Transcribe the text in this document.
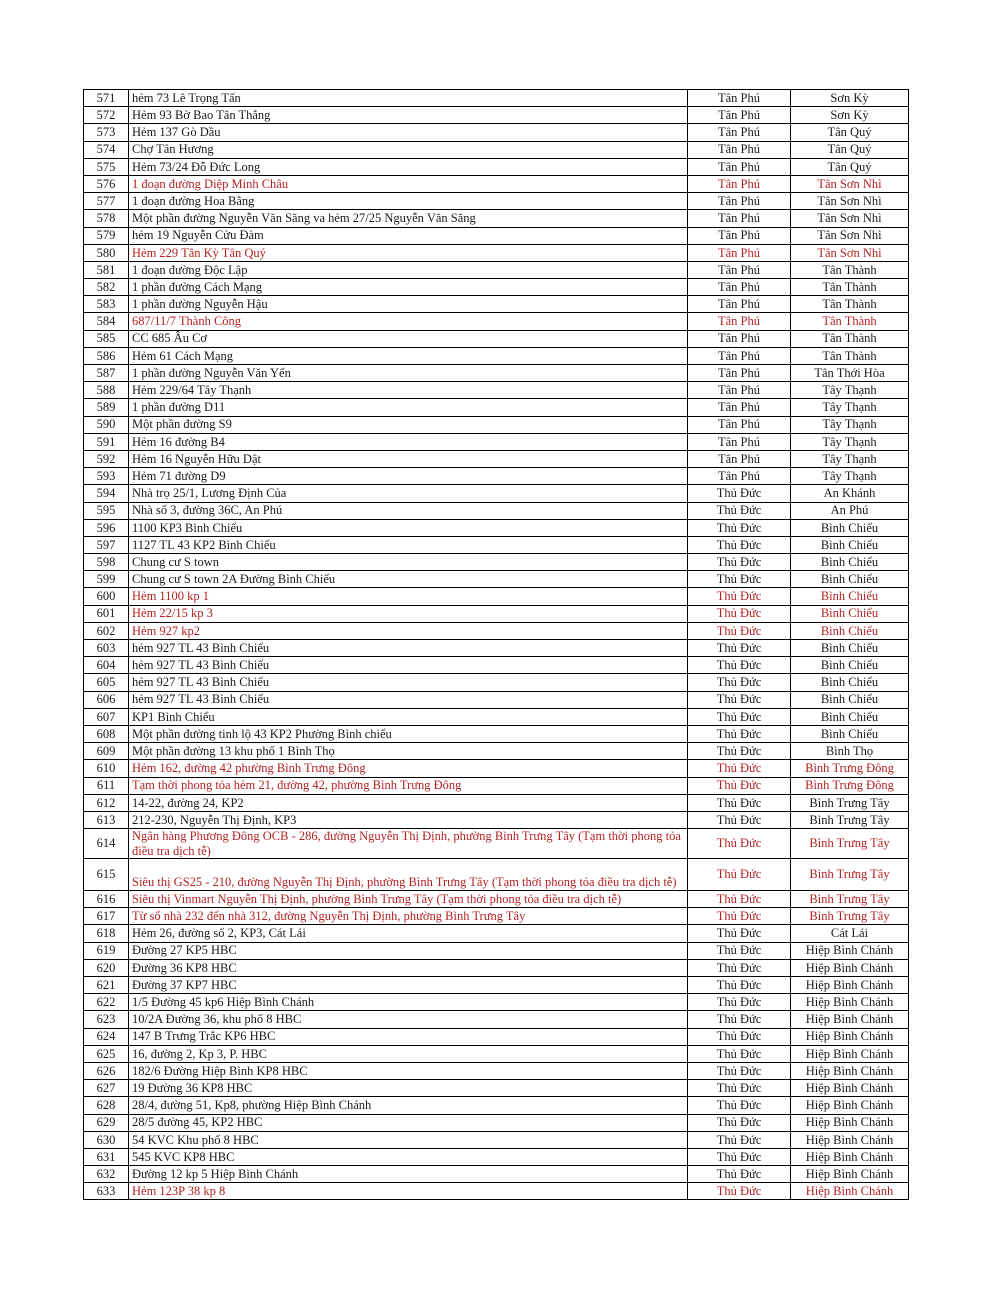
571	hẻm 73 Lê Trọng Tấn	Tân Phú	Sơn Kỳ
572	Hẻm 93 Bờ Bao Tân Thắng	Tân Phú	Sơn Kỳ
573	Hẻm 137 Gò Dầu	Tân Phú	Tân Quý
574	Chợ Tân Hương	Tân Phú	Tân Quý
575	Hẻm 73/24 Đỗ Đức Long	Tân Phú	Tân Quý
576	1 đoạn đường Diệp Minh Châu	Tân Phú	Tân Sơn Nhì
577	1 đoạn đường Hoa Bằng	Tân Phú	Tân Sơn Nhì
578	Một phần đường Nguyễn Văn Săng va hẻm 27/25 Nguyễn Văn Săng	Tân Phú	Tân Sơn Nhì
579	hẻm 19 Nguyễn Cửu Đàm	Tân Phú	Tân Sơn Nhì
580	Hẻm 229 Tân Kỳ Tân Quý	Tân Phú	Tân Sơn Nhì
581	1 đoạn đường Độc Lập	Tân Phú	Tân Thành
582	1 phần đường Cách Mạng	Tân Phú	Tân Thành
583	1 phần đường Nguyễn Hậu	Tân Phú	Tân Thành
584	687/11/7 Thành Công	Tân Phú	Tân Thành
585	CC 685 Âu Cơ	Tân Phú	Tân Thành
586	Hẻm 61 Cách Mạng	Tân Phú	Tân Thành
587	1 phần đường Nguyễn Văn Yến	Tân Phú	Tân Thới Hòa
588	Hẻm 229/64 Tây Thạnh	Tân Phú	Tây Thạnh
589	1 phần đường D11	Tân Phú	Tây Thạnh
590	Một phần đường S9	Tân Phú	Tây Thạnh
591	Hẻm 16 đường B4	Tân Phú	Tây Thạnh
592	Hẻm 16 Nguyễn Hữu Dật	Tân Phú	Tây Thạnh
593	Hẻm 71 đường D9	Tân Phú	Tây Thạnh
594	Nhà trọ 25/1, Lương Định Của	Thủ Đức	An Khánh
595	Nhà số 3, đường 36C, An Phú	Thủ Đức	An Phú
596	1100 KP3 Bình Chiểu	Thủ Đức	Bình Chiểu
597	1127 TL 43 KP2 Bình Chiểu	Thủ Đức	Bình Chiểu
598	Chung cư S town	Thủ Đức	Bình Chiểu
599	Chung cư S town 2A Đường Bình Chiểu	Thủ Đức	Bình Chiểu
600	Hẻm 1100 kp 1	Thủ Đức	Bình Chiểu
601	Hẻm 22/15 kp 3	Thủ Đức	Bình Chiểu
602	Hẻm 927 kp2	Thủ Đức	Bình Chiểu
603	hẻm 927 TL 43 Bình Chiểu	Thủ Đức	Bình Chiểu
604	hẻm 927 TL 43 Bình Chiểu	Thủ Đức	Bình Chiểu
605	hẻm 927 TL 43 Bình Chiểu	Thủ Đức	Bình Chiểu
606	hẻm 927 TL 43 Bình Chiểu	Thủ Đức	Bình Chiểu
607	KP1 Bình Chiểu	Thủ Đức	Bình Chiểu
608	Một phần đường tinh lộ 43 KP2 Phường Bình chiểu	Thủ Đức	Bình Chiểu
609	Một phần đường 13 khu phố 1 Bình Thọ	Thủ Đức	Bình Thọ
610	Hẻm 162, đường 42 phường Bình Trưng Đông	Thủ Đức	Bình Trưng Đông
611	Tạm thời phong tỏa hẻm 21, đường 42, phường Bình Trưng Đông	Thủ Đức	Bình Trưng Đông
612	14-22, đường 24, KP2	Thủ Đức	Bình Trưng Tây
613	212-230, Nguyễn Thị Định, KP3	Thủ Đức	Bình Trưng Tây
614	Ngân hàng Phương Đông OCB - 286, đường Nguyễn Thị Định, phường Bình Trưng Tây (Tạm thời phong tỏa điều tra dịch tễ)	Thủ Đức	Bình Trưng Tây
615	Siêu thị GS25 - 210, đường Nguyễn Thị Định, phường Bình Trưng Tây (Tạm thời phong tỏa điều tra dịch tễ)	Thủ Đức	Bình Trưng Tây
616	Siêu thị Vinmart Nguyễn Thị Định, phường Bình Trưng Tây (Tạm thời phong tỏa điều tra dịch tễ)	Thủ Đức	Bình Trưng Tây
617	Từ số nhà 232 đến nhà 312, đường Nguyễn Thị Định, phường Bình Trưng Tây	Thủ Đức	Bình Trưng Tây
618	Hẻm 26, đường số 2, KP3, Cát Lái	Thủ Đức	Cát Lái
619	Đường 27 KP5 HBC	Thủ Đức	Hiệp Bình Chánh
620	Đường 36 KP8 HBC	Thủ Đức	Hiệp Bình Chánh
621	Đường 37 KP7 HBC	Thủ Đức	Hiệp Bình Chánh
622	1/5 Đường 45 kp6 Hiệp Bình Chánh	Thủ Đức	Hiệp Bình Chánh
623	10/2A Đường 36, khu phố 8 HBC	Thủ Đức	Hiệp Bình Chánh
624	147 B Trưng Trắc KP6 HBC	Thủ Đức	Hiệp Bình Chánh
625	16, đường 2, Kp 3, P. HBC	Thủ Đức	Hiệp Bình Chánh
626	182/6 Đường Hiệp Bình KP8 HBC	Thủ Đức	Hiệp Bình Chánh
627	19 Đường 36 KP8 HBC	Thủ Đức	Hiệp Bình Chánh
628	28/4, đường 51, Kp8, phường Hiệp Bình Chánh	Thủ Đức	Hiệp Bình Chánh
629	28/5 đường 45, KP2 HBC	Thủ Đức	Hiệp Bình Chánh
630	54 KVC Khu phố 8 HBC	Thủ Đức	Hiệp Bình Chánh
631	545 KVC KP8 HBC	Thủ Đức	Hiệp Bình Chánh
632	Đường 12 kp 5 Hiệp Bình Chánh	Thủ Đức	Hiệp Bình Chánh
633	Hẻm 123P 38 kp 8	Thủ Đức	Hiệp Bình Chánh
